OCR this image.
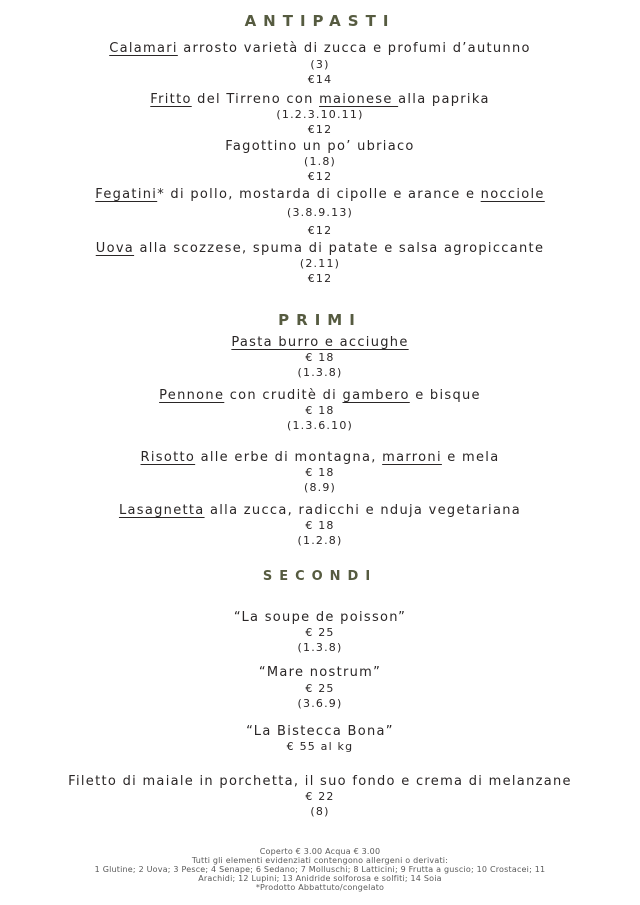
ANTIPASTI
Calamari arrosto varietà di zucca e profumi d’autunno
(3)
€14
Fritto del Tirreno con maionese alla paprika
(1.2.3.10.11)
€12
Fagottino un po’ ubriaco
(1.8)
€12
Fegatini* di pollo, mostarda di cipolle e arance e nocciole
(3.8.9.13)
€12
Uova alla scozzese, spuma di patate e salsa agropiccante
(2.11)
€12
PRIMI
Pasta burro e acciughe
€ 18
(1.3.8)
Pennone con cruditè di gambero e bisque
€ 18
(1.3.6.10)
Risotto alle erbe di montagna, marroni e mela
€ 18
(8.9)
Lasagnetta alla zucca, radicchi e nduja vegetariana
€ 18
(1.2.8)
SECONDI
“La soupe de poisson”
€ 25
(1.3.8)
“Mare nostrum”
€ 25
(3.6.9)
“La Bistecca Bona”
€ 55 al kg
Filetto di maiale in porchetta, il suo fondo e crema di melanzane
€ 22
(8)
Coperto € 3.00 Acqua € 3.00
Tutti gli elementi evidenziati contengono allergeni o derivati:
1 Glutine; 2 Uova; 3 Pesce; 4 Senape; 6 Sedano; 7 Molluschi; 8 Latticini; 9 Frutta a guscio; 10 Crostacei; 11
Arachidi; 12 Lupini; 13 Anidride solforosa e solfiti; 14 Soia
*Prodotto Abbattuto/congelato
